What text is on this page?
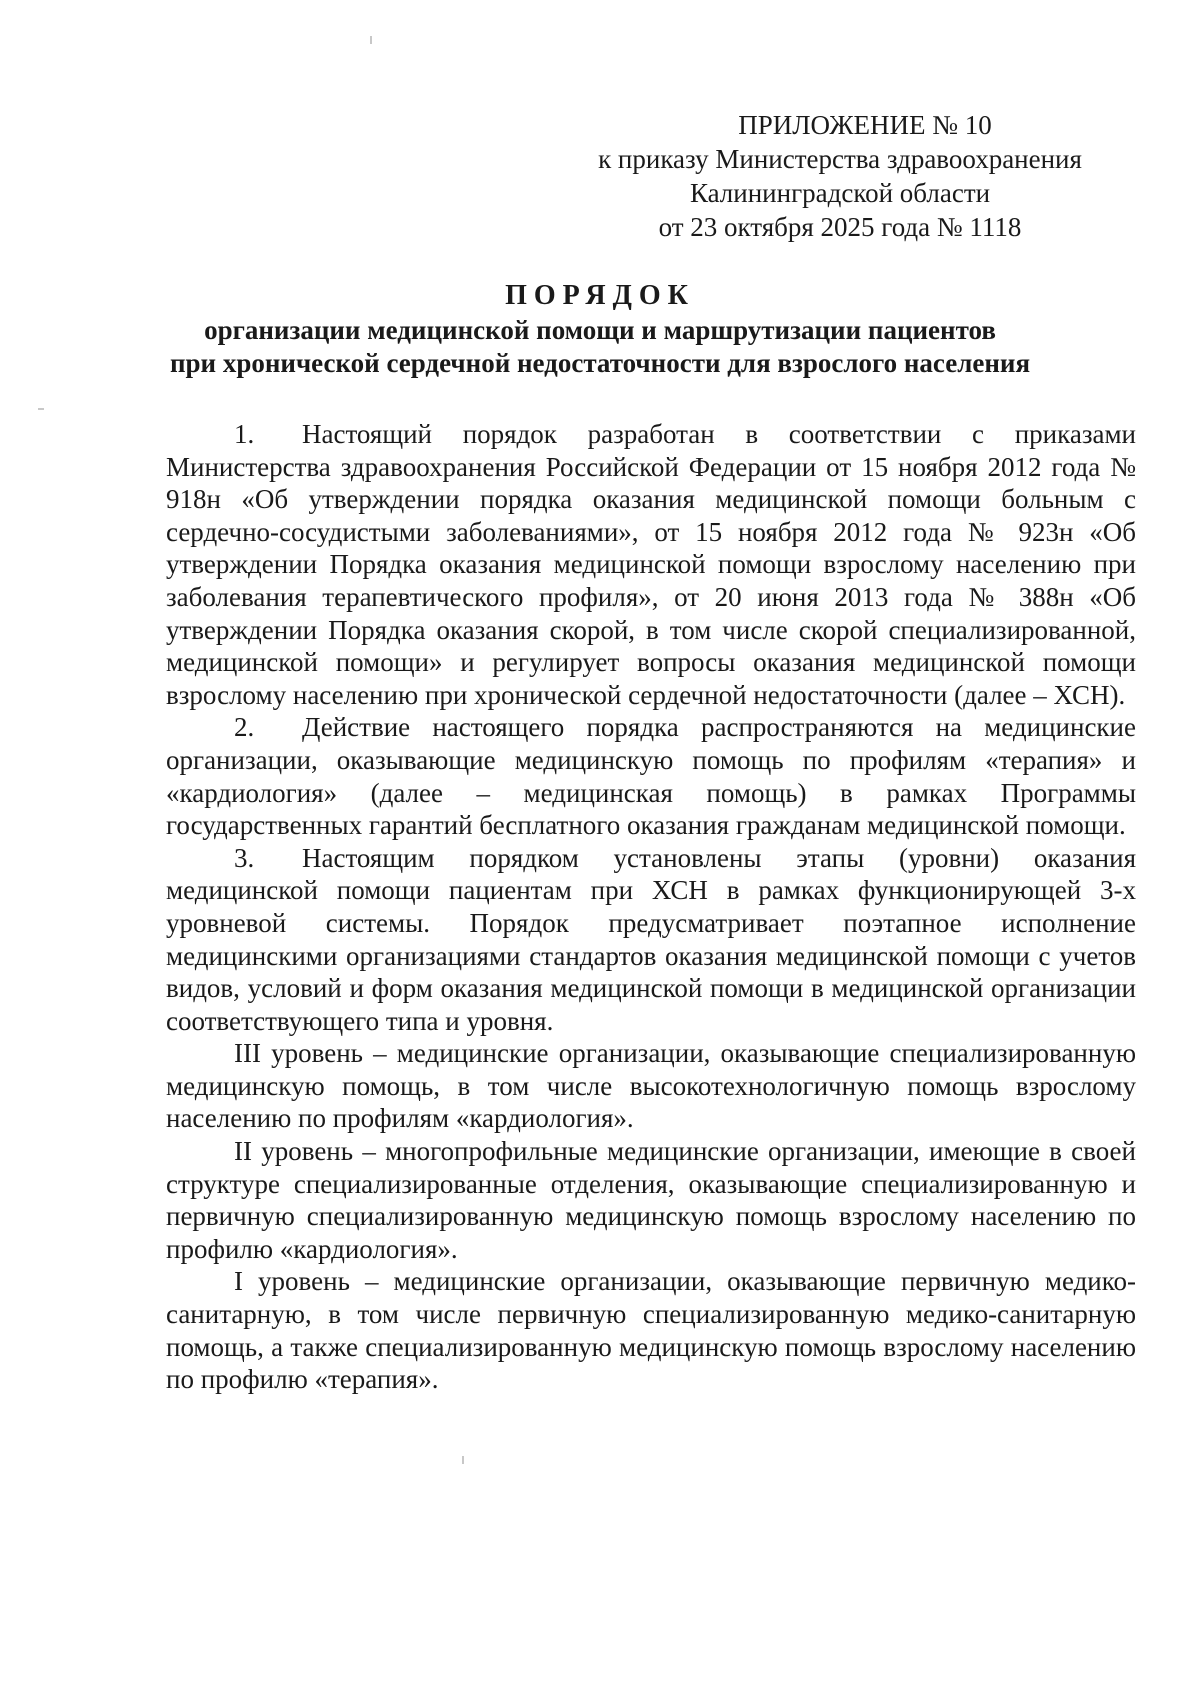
ПРИЛОЖЕНИЕ № 10
к приказу Министерства здравоохранения
Калининградской области
от 23 октября 2025 года № 1118
ПОРЯДОК
организации медицинской помощи и маршрутизации пациентов
при хронической сердечной недостаточности для взрослого населения

1. Настоящий порядок разработан в соответствии с приказами Министерства здравоохранения Российской Федерации от 15 ноября 2012 года № 918н «Об утверждении порядка оказания медицинской помощи больным с сердечно-сосудистыми заболеваниями», от 15 ноября 2012 года № 923н «Об утверждении Порядка оказания медицинской помощи взрослому населению при заболевания терапевтического профиля», от 20 июня 2013 года № 388н «Об утверждении Порядка оказания скорой, в том числе скорой специализированной, медицинской помощи» и регулирует вопросы оказания медицинской помощи взрослому населению при хронической сердечной недостаточности (далее – ХСН).

2. Действие настоящего порядка распространяются на медицинские организации, оказывающие медицинскую помощь по профилям «терапия» и «кардиология» (далее – медицинская помощь) в рамках Программы государственных гарантий бесплатного оказания гражданам медицинской помощи.

3. Настоящим порядком установлены этапы (уровни) оказания медицинской помощи пациентам при ХСН в рамках функционирующей 3-х уровневой системы. Порядок предусматривает поэтапное исполнение медицинскими организациями стандартов оказания медицинской помощи с учетов видов, условий и форм оказания медицинской помощи в медицинской организации соответствующего типа и уровня.

III уровень – медицинские организации, оказывающие специализированную медицинскую помощь, в том числе высокотехнологичную помощь взрослому населению по профилям «кардиология».

II уровень – многопрофильные медицинские организации, имеющие в своей структуре специализированные отделения, оказывающие специализированную и первичную специализированную медицинскую помощь взрослому населению по профилю «кардиология».

I уровень – медицинские организации, оказывающие первичную медико-санитарную, в том числе первичную специализированную медико-санитарную помощь, а также специализированную медицинскую помощь взрослому населению по профилю «терапия».
